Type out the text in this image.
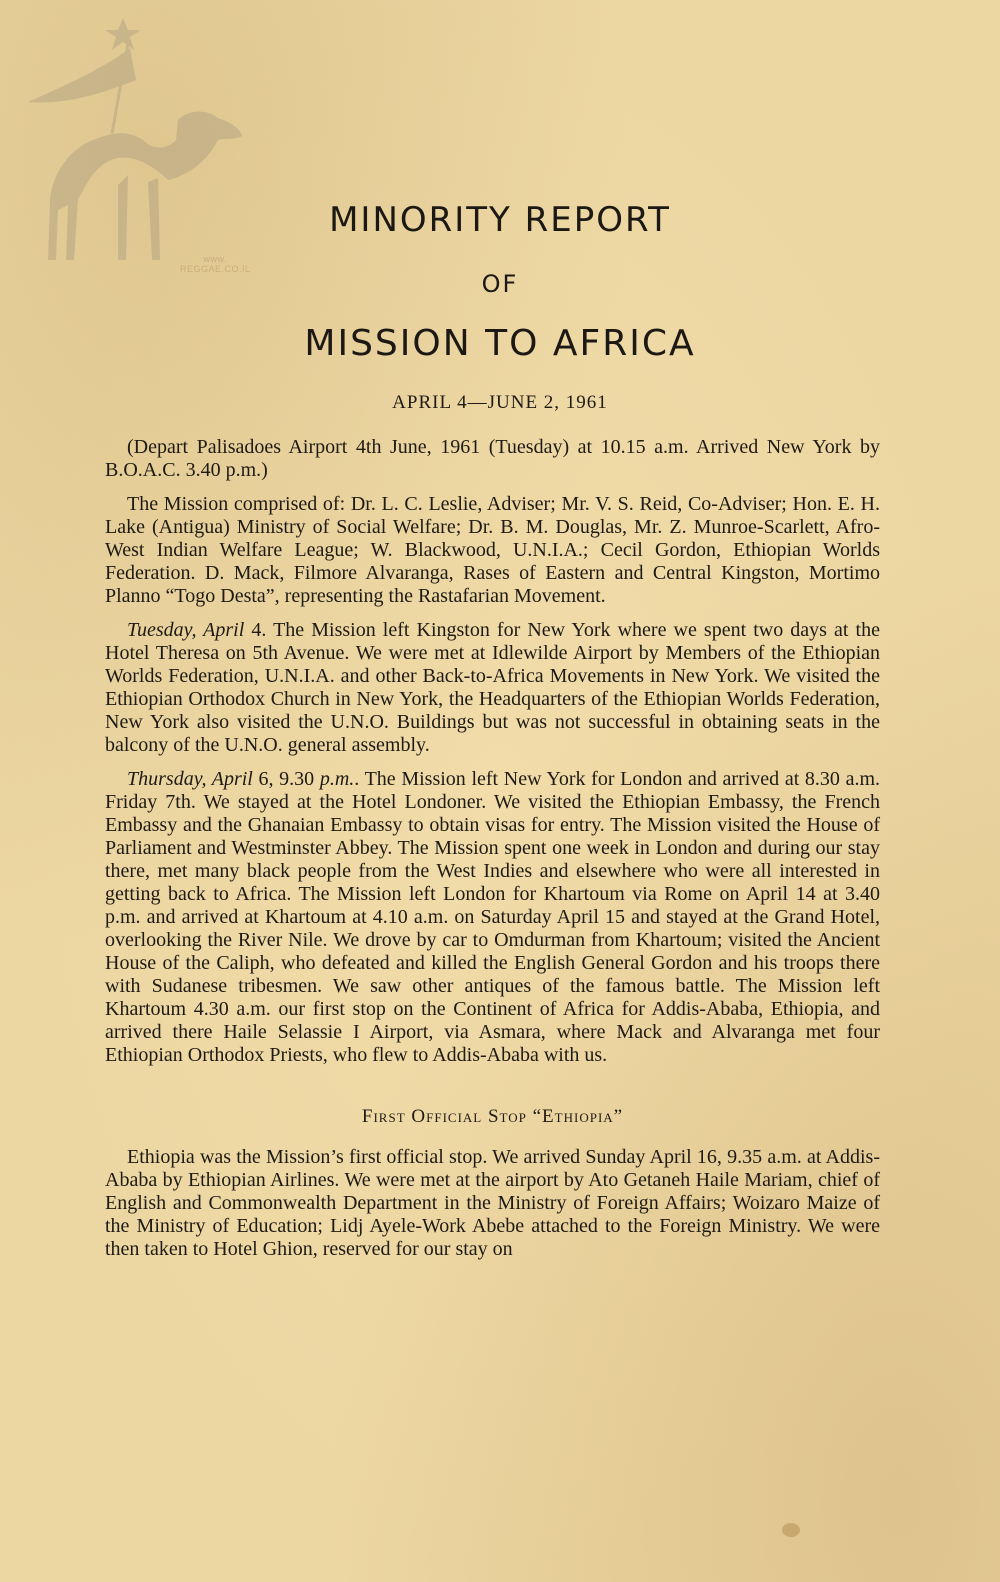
www.
REGGAE.CO.IL
MINORITY REPORT
OF
MISSION TO AFRICA
APRIL 4—JUNE 2, 1961

(Depart Palisadoes Airport 4th June, 1961 (Tuesday) at 10.15 a.m. Arrived New York by B.O.A.C. 3.40 p.m.)

The Mission comprised of: Dr. L. C. Leslie, Adviser; Mr. V. S. Reid, Co-Adviser; Hon. E. H. Lake (Antigua) Ministry of Social Welfare; Dr. B. M. Douglas, Mr. Z. Munroe-Scarlett, Afro-West Indian Welfare League; W. Blackwood, U.N.I.A.; Cecil Gordon, Ethiopian Worlds Federation. D. Mack, Filmore Alvaranga, Rases of Eastern and Central Kingston, Mortimo Planno “Togo Desta”, representing the Rastafarian Movement.

Tuesday, April 4. The Mission left Kingston for New York where we spent two days at the Hotel Theresa on 5th Avenue. We were met at Idlewilde Airport by Members of the Ethiopian Worlds Federation, U.N.I.A. and other Back-to-Africa Movements in New York. We visited the Ethiopian Orthodox Church in New York, the Headquarters of the Ethiopian Worlds Federation, New York also visited the U.N.O. Buildings but was not successful in obtaining seats in the balcony of the U.N.O. general assembly.

Thursday, April 6, 9.30 p.m.. The Mission left New York for London and arrived at 8.30 a.m. Friday 7th. We stayed at the Hotel Londoner. We visited the Ethiopian Embassy, the French Embassy and the Ghanaian Embassy to obtain visas for entry. The Mission visited the House of Parliament and Westminster Abbey. The Mission spent one week in London and during our stay there, met many black people from the West Indies and elsewhere who were all interested in getting back to Africa. The Mission left London for Khartoum via Rome on April 14 at 3.40 p.m. and arrived at Khartoum at 4.10 a.m. on Saturday April 15 and stayed at the Grand Hotel, overlooking the River Nile. We drove by car to Omdurman from Khartoum; visited the Ancient House of the Caliph, who defeated and killed the English General Gordon and his troops there with Sudanese tribesmen. We saw other antiques of the famous battle. The Mission left Khartoum 4.30 a.m. our first stop on the Continent of Africa for Addis-Ababa, Ethiopia, and arrived there Haile Selassie I Airport, via Asmara, where Mack and Alvaranga met four Ethiopian Orthodox Priests, who flew to Addis-Ababa with us.

First Official Stop “Ethiopia”

Ethiopia was the Mission’s first official stop. We arrived Sunday April 16, 9.35 a.m. at Addis-Ababa by Ethiopian Airlines. We were met at the airport by Ato Getaneh Haile Mariam, chief of English and Commonwealth Department in the Ministry of Foreign Affairs; Woizaro Maize of the Ministry of Education; Lidj Ayele-Work Abebe attached to the Foreign Ministry. We were then taken to Hotel Ghion, reserved for our stay on
